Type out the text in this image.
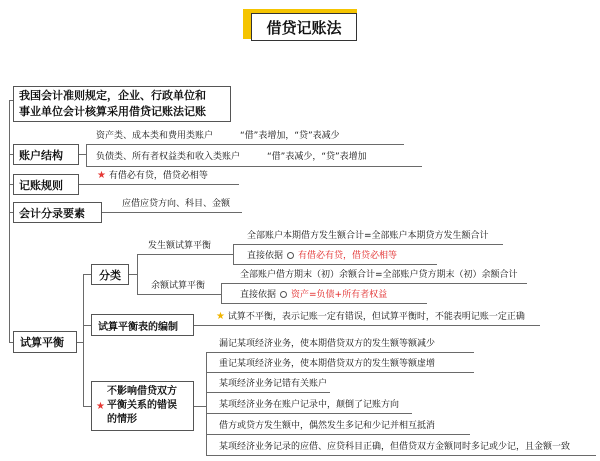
借贷记账法
我国会计准则规定，企业、行政单位和
事业单位会计核算采用借贷记账法记账
账户结构
资产类、成本类和费用类账户　　　“借”表增加，“贷”表减少
负债类、所有者权益类和收入类账户　　　“借”表减少，“贷”表增加
记账规则
★ 有借必有贷，借贷必相等
会计分录要素
应借应贷方向、科目、金额
试算平衡
分类
发生额试算平衡
全部账户本期借方发生额合计=全部账户本期贷方发生额合计
直接依据 有借必有贷，借贷必相等
余额试算平衡
全部账户借方期末（初）余额合计=全部账户贷方期末（初）余额合计
直接依据 资产=负债+所有者权益
试算平衡表的编制
★ 试算不平衡，表示记账一定有错误，但试算平衡时，不能表明记账一定正确
★
不影响借贷双方
平衡关系的错误
的情形
漏记某项经济业务，使本期借贷双方的发生额等额减少
重记某项经济业务，使本期借贷双方的发生额等额虚增
某项经济业务记错有关账户
某项经济业务在账户记录中，颠倒了记账方向
借方或贷方发生额中，偶然发生多记和少记并相互抵消
某项经济业务记录的应借、应贷科目正确，但借贷双方金额同时多记或少记，且金额一致
